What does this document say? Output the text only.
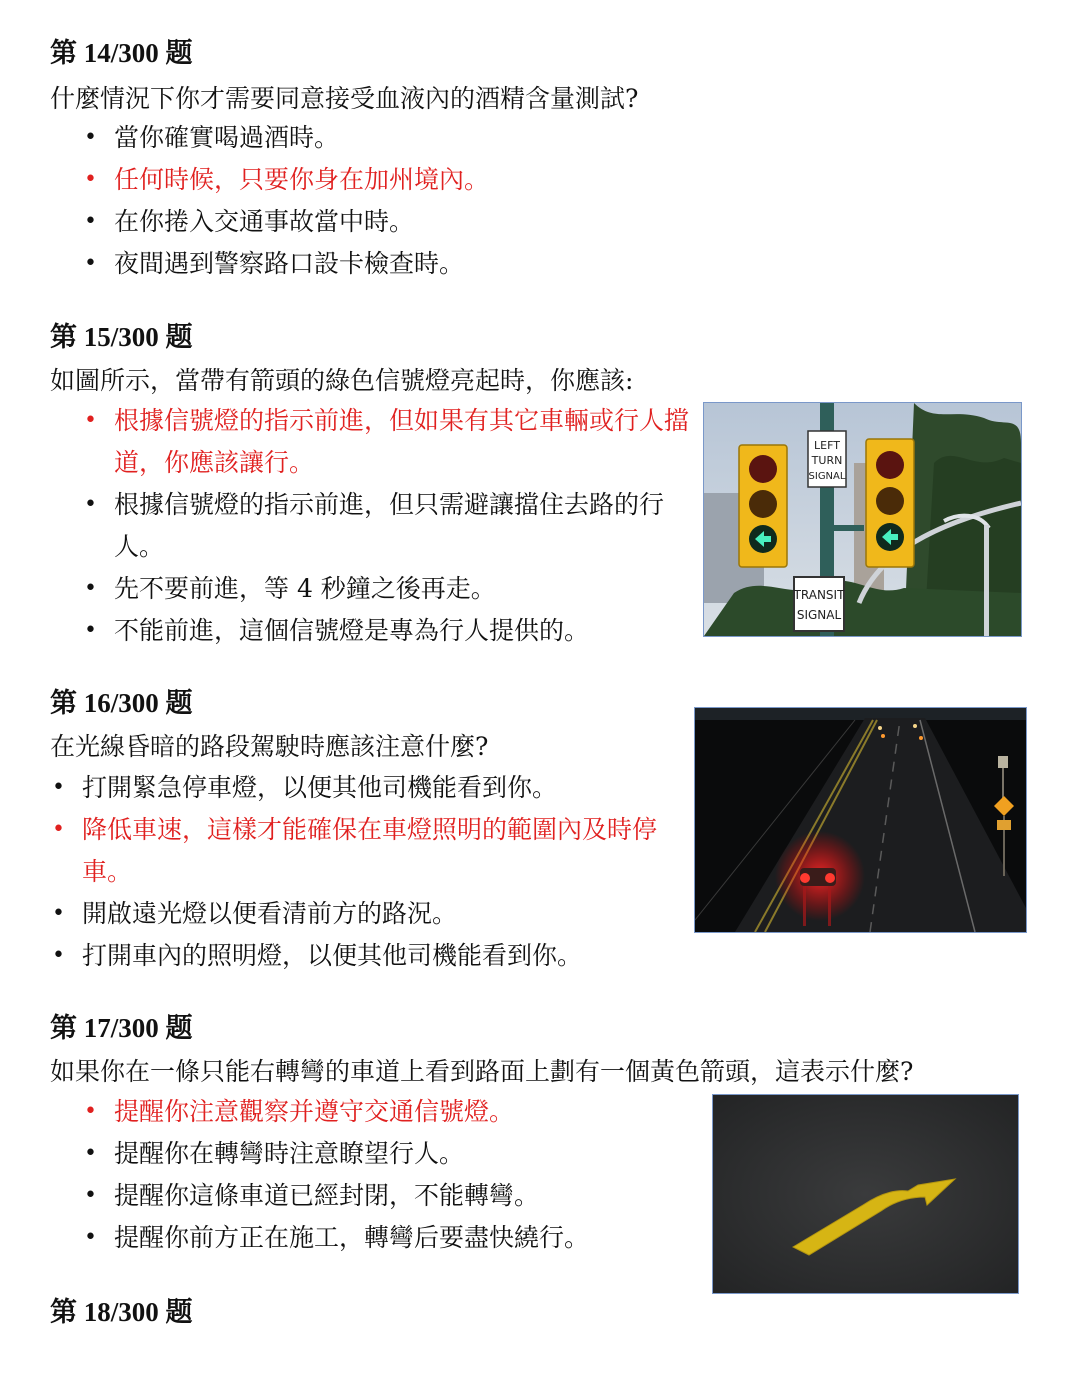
第 14/300 题
什麼情況下你才需要同意接受血液內的酒精含量測試?
• 當你確實喝過酒時。
• 任何時候，只要你身在加州境內。
• 在你捲入交通事故當中時。
• 夜間遇到警察路口設卡檢查時。
第 15/300 题
如圖所示，當帶有箭頭的綠色信號燈亮起時，你應該:
• 根據信號燈的指示前進，但如果有其它車輛或行人擋道，你應該讓行。
• 根據信號燈的指示前進，但只需避讓擋住去路的行人。
• 先不要前進，等 4 秒鐘之後再走。
• 不能前進，這個信號燈是專為行人提供的。
LEFT
TURN
SIGNAL
TRANSIT
SIGNAL
第 16/300 题
在光線昏暗的路段駕駛時應該注意什麼?
• 打開緊急停車燈，以便其他司機能看到你。
• 降低車速，這樣才能確保在車燈照明的範圍內及時停車。
• 開啟遠光燈以便看清前方的路況。
• 打開車內的照明燈，以便其他司機能看到你。
第 17/300 题
如果你在一條只能右轉彎的車道上看到路面上劃有一個黃色箭頭，這表示什麼?
• 提醒你注意觀察并遵守交通信號燈。
• 提醒你在轉彎時注意瞭望行人。
• 提醒你這條車道已經封閉，不能轉彎。
• 提醒你前方正在施工，轉彎后要盡快繞行。
第 18/300 题
